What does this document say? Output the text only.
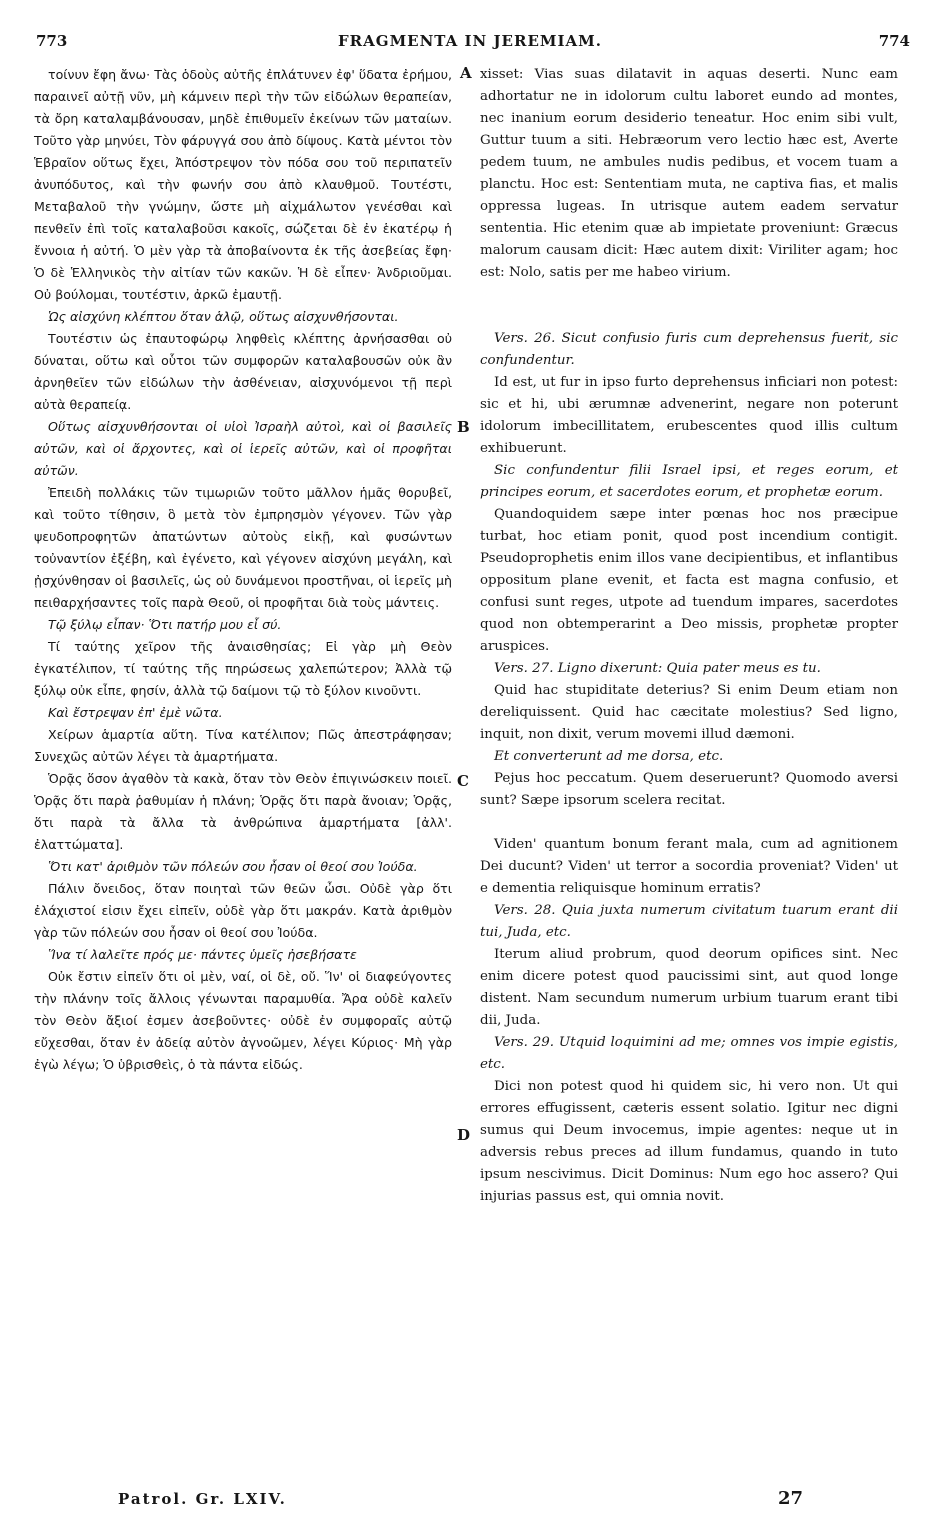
773	FRAGMENTA IN JEREMIAM.	774

τοίνυν ἔφη ἄνω· Τὰς ὁδοὺς αὐτῆς ἐπλάτυνεν ἐφ' ὕδατα ἐρήμου, παραινεῖ αὐτῇ νῦν, μὴ κάμνειν περὶ τὴν τῶν εἰδώλων θεραπείαν, τὰ ὄρη καταλαμβάνουσαν, μηδὲ ἐπιθυμεῖν ἐκείνων τῶν ματαίων. Τοῦτο γὰρ μηνύει, Τὸν φάρυγγά σου ἀπὸ δίψους. Κατὰ μέντοι τὸν Ἑβραῖον οὕτως ἔχει, Ἀπόστρεψον τὸν πόδα σου τοῦ περιπατεῖν ἀνυπόδυτος, καὶ τὴν φωνήν σου ἀπὸ κλαυθμοῦ. Τουτέστι, Μεταβαλοῦ τὴν γνώμην, ὥστε μὴ αἰχμάλωτον γενέσθαι καὶ πενθεῖν ἐπὶ τοῖς καταλαβοῦσι κακοῖς, σώζεται δὲ ἐν ἑκατέρῳ ἡ ἔννοια ἡ αὐτή. Ὁ μὲν γὰρ τὰ ἀποβαίνοντα ἐκ τῆς ἀσεβείας ἔφη· Ὁ δὲ Ἑλληνικὸς τὴν αἰτίαν τῶν κακῶν. Ἡ δὲ εἶπεν· Ἀνδριοῦμαι. Οὐ βούλομαι, τουτέστιν, ἀρκῶ ἐμαυτῇ.

Ὡς αἰσχύνη κλέπτου ὅταν ἁλῷ, οὕτως αἰσχυνθήσονται.

Τουτέστιν ὡς ἐπαυτοφώρῳ ληφθεὶς κλέπτης ἀρνήσασθαι οὐ δύναται, οὕτω καὶ οὗτοι τῶν συμφορῶν καταλαβουσῶν οὐκ ἂν ἀρνηθεῖεν τῶν εἰδώλων τὴν ἀσθένειαν, αἰσχυνόμενοι τῇ περὶ αὐτὰ θεραπείᾳ.

Οὕτως αἰσχυνθήσονται οἱ υἱοὶ Ἰσραὴλ αὐτοὶ, καὶ οἱ βασιλεῖς αὐτῶν, καὶ οἱ ἄρχοντες, καὶ οἱ ἱερεῖς αὐτῶν, καὶ οἱ προφῆται αὐτῶν.

Ἐπειδὴ πολλάκις τῶν τιμωριῶν τοῦτο μᾶλλον ἡμᾶς θορυβεῖ, καὶ τοῦτο τίθησιν, ὃ μετὰ τὸν ἐμπρησμὸν γέγονεν. Τῶν γὰρ ψευδοπροφητῶν ἀπατώντων αὐτοὺς εἰκῇ, καὶ φυσώντων τοὐναντίον ἐξέβη, καὶ ἐγένετο, καὶ γέγονεν αἰσχύνη μεγάλη, καὶ ᾐσχύνθησαν οἱ βασιλεῖς, ὡς οὐ δυνάμενοι προστῆναι, οἱ ἱερεῖς μὴ πειθαρχήσαντες τοῖς παρὰ Θεοῦ, οἱ προφῆται διὰ τοὺς μάντεις.

Τῷ ξύλῳ εἶπαν· Ὅτι πατήρ μου εἶ σύ.

Τί ταύτης χεῖρον τῆς ἀναισθησίας; Εἰ γὰρ μὴ Θεὸν ἐγκατέλιπον, τί ταύτης τῆς πηρώσεως χαλεπώτερον; Ἀλλὰ τῷ ξύλῳ οὐκ εἶπε, φησίν, ἀλλὰ τῷ δαίμονι τῷ τὸ ξύλον κινοῦντι.

Καὶ ἔστρεψαν ἐπ' ἐμὲ νῶτα.

Χείρων ἁμαρτία αὕτη. Τίνα κατέλιπον; Πῶς ἀπεστράφησαν; Συνεχῶς αὐτῶν λέγει τὰ ἁμαρτήματα.

Ὁρᾷς ὅσον ἀγαθὸν τὰ κακὰ, ὅταν τὸν Θεὸν ἐπιγινώσκειν ποιεῖ. Ὁρᾷς ὅτι παρὰ ῥαθυμίαν ἡ πλάνη; Ὁρᾷς ὅτι παρὰ ἄνοιαν; Ὁρᾷς, ὅτι παρὰ τὰ ἄλλα τὰ ἀνθρώπινα ἁμαρτήματα [ἀλλ'. ἐλαττώματα].

Ὅτι κατ' ἀριθμὸν τῶν πόλεών σου ἦσαν οἱ θεοί σου Ἰούδα.

Πάλιν ὄνειδος, ὅταν ποιηταὶ τῶν θεῶν ὦσι. Οὐδὲ γὰρ ὅτι ἐλάχιστοί εἰσιν ἔχει εἰπεῖν, οὐδὲ γὰρ ὅτι μακράν. Κατὰ ἀριθμὸν γὰρ τῶν πόλεών σου ἦσαν οἱ θεοί σου Ἰούδα.

Ἵνα τί λαλεῖτε πρός με· πάντες ὑμεῖς ἠσεβήσατε

Οὐκ ἔστιν εἰπεῖν ὅτι οἱ μὲν, ναί, οἱ δὲ, οὔ. Ἵν' οἱ διαφεύγοντες τὴν πλάνην τοῖς ἄλλοις γένωνται παραμυθία. Ἄρα οὐδὲ καλεῖν τὸν Θεὸν ἄξιοί ἐσμεν ἀσεβοῦντες· οὐδὲ ἐν συμφοραῖς αὐτῷ εὔχεσθαι, ὅταν ἐν ἀδείᾳ αὐτὸν ἀγνοῶμεν, λέγει Κύριος· Μὴ γὰρ ἐγὼ λέγω; Ὁ ὑβρισθεὶς, ὁ τὰ πάντα εἰδώς.

xisset: Vias suas dilatavit in aquas deserti. Nunc eam adhortatur ne in idolorum cultu laboret eundo ad montes, nec inanium eorum desiderio teneatur. Hoc enim sibi vult, Guttur tuum a siti. Hebræorum vero lectio hæc est, Averte pedem tuum, ne ambules nudis pedibus, et vocem tuam a planctu. Hoc est: Sententiam muta, ne captiva fias, et malis oppressa lugeas. In utrisque autem eadem servatur sententia. Hic etenim quæ ab impietate proveniunt: Græcus malorum causam dicit: Hæc autem dixit: Viriliter agam; hoc est: Nolo, satis per me habeo virium.

Vers. 26. Sicut confusio furis cum deprehensus fuerit, sic confundentur.

Id est, ut fur in ipso furto deprehensus inficiari non potest: sic et hi, ubi ærumnæ advenerint, negare non poterunt idolorum imbecillitatem, erubescentes quod illis cultum exhibuerunt.

Sic confundentur filii Israel ipsi, et reges eorum, et principes eorum, et sacerdotes eorum, et prophetæ eorum.

Quandoquidem sæpe inter pœnas hoc nos præcipue turbat, hoc etiam ponit, quod post incendium contigit. Pseudoprophetis enim illos vane decipientibus, et inflantibus oppositum plane evenit, et facta est magna confusio, et confusi sunt reges, utpote ad tuendum impares, sacerdotes quod non obtemperarint a Deo missis, prophetæ propter aruspices.

Vers. 27. Ligno dixerunt: Quia pater meus es tu.

Quid hac stupiditate deterius? Si enim Deum etiam non dereliquissent. Quid hac cæcitate molestius? Sed ligno, inquit, non dixit, verum movemi illud dæmoni.

Et converterunt ad me dorsa, etc.

Pejus hoc peccatum. Quem deseruerunt? Quomodo aversi sunt? Sæpe ipsorum scelera recitat.

Viden' quantum bonum ferant mala, cum ad agnitionem Dei ducunt? Viden' ut terror a socordia proveniat? Viden' ut e dementia reliquisque hominum erratis?

Vers. 28. Quia juxta numerum civitatum tuarum erant dii tui, Juda, etc.

Iterum aliud probrum, quod deorum opifices sint. Nec enim dicere potest quod paucissimi sint, aut quod longe distent. Nam secundum numerum urbium tuarum erant tibi dii, Juda.

Vers. 29. Utquid loquimini ad me; omnes vos impie egistis, etc.

Dici non potest quod hi quidem sic, hi vero non. Ut qui errores effugissent, cæteris essent solatio. Igitur nec digni sumus qui Deum invocemus, impie agentes: neque ut in adversis rebus preces ad illum fundamus, quando in tuto ipsum nescivimus. Dicit Dominus: Num ego hoc assero? Qui injurias passus est, qui omnia novit.

A
B
C
D
Patrol. Gr. LXIV.	27
